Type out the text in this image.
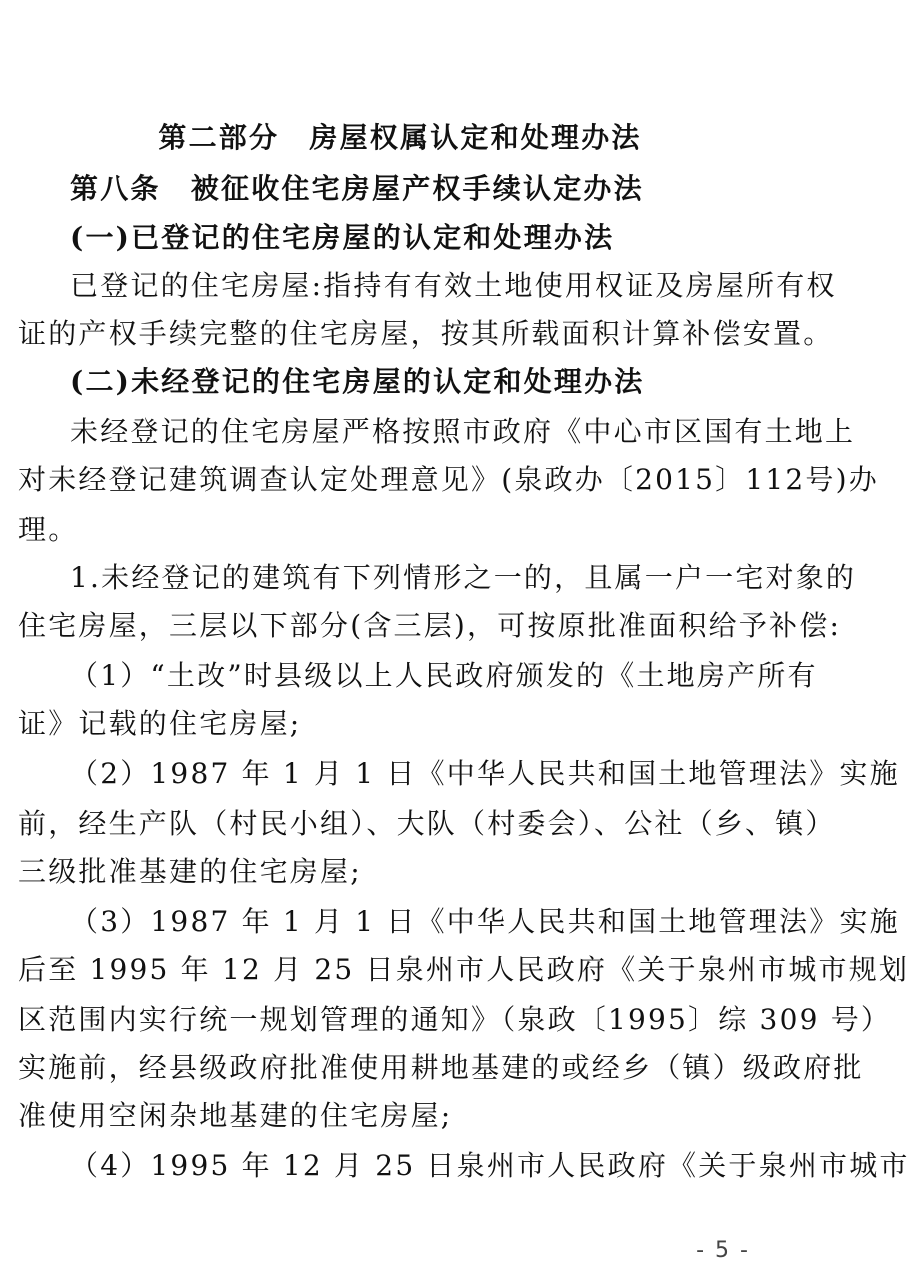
第二部分　房屋权属认定和处理办法
第八条　被征收住宅房屋产权手续认定办法
(一)已登记的住宅房屋的认定和处理办法
已登记的住宅房屋:指持有有效土地使用权证及房屋所有权
证的产权手续完整的住宅房屋，按其所载面积计算补偿安置。
(二)未经登记的住宅房屋的认定和处理办法
未经登记的住宅房屋严格按照市政府《中心市区国有土地上
对未经登记建筑调查认定处理意见》(泉政办〔2015〕112号)办
理。
1.未经登记的建筑有下列情形之一的，且属一户一宅对象的
住宅房屋，三层以下部分(含三层)，可按原批准面积给予补偿:
（1）“土改”时县级以上人民政府颁发的《土地房产所有
证》记载的住宅房屋;
（2）1987 年 1 月 1 日《中华人民共和国土地管理法》实施
前，经生产队（村民小组）、大队（村委会）、公社（乡、镇）
三级批准基建的住宅房屋;
（3）1987 年 1 月 1 日《中华人民共和国土地管理法》实施
后至 1995 年 12 月 25 日泉州市人民政府《关于泉州市城市规划
区范围内实行统一规划管理的通知》（泉政〔1995〕综 309 号）
实施前，经县级政府批准使用耕地基建的或经乡（镇）级政府批
准使用空闲杂地基建的住宅房屋;
（4）1995 年 12 月 25 日泉州市人民政府《关于泉州市城市
- 5 -
